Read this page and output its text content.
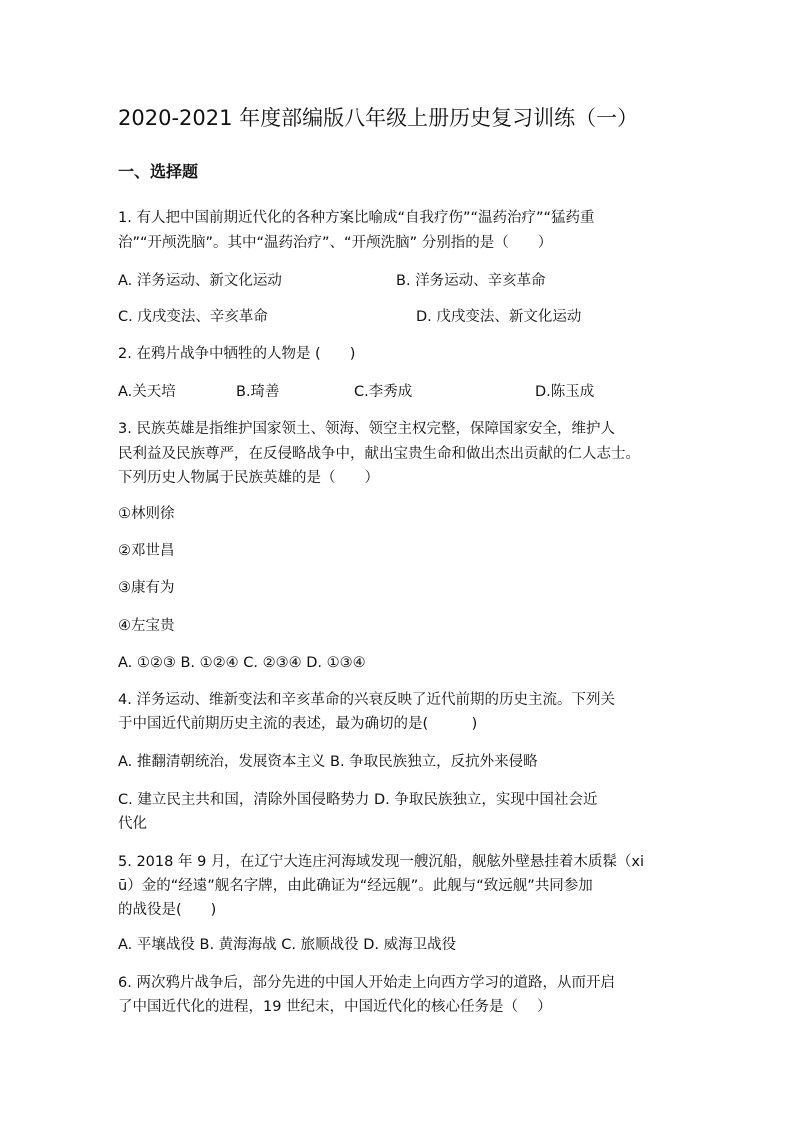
2020-2021 年度部编版八年级上册历史复习训练（一）
一、选择题
1. 有人把中国前期近代化的各种方案比喻成“自我疗伤”“温药治疗”“猛药重
治”“开颅洗脑”。其中“温药治疗”、“开颅洗脑” 分别指的是（　　）
A. 洋务运动、新文化运动	B. 洋务运动、辛亥革命
C. 戊戌变法、辛亥革命	D. 戊戌变法、新文化运动
2. 在鸦片战争中牺牲的人物是 (　　)
A.关天培	B.琦善	C.李秀成	D.陈玉成
3. 民族英雄是指维护国家领土、领海、领空主权完整，保障国家安全，维护人
民利益及民族尊严，在反侵略战争中，献出宝贵生命和做出杰出贡献的仁人志士。
下列历史人物属于民族英雄的是（　　）
①林则徐
②邓世昌
③康有为
④左宝贵
A. ①②③ B. ①②④ C. ②③④ D. ①③④
4. 洋务运动、维新变法和辛亥革命的兴衰反映了近代前期的历史主流。下列关
于中国近代前期历史主流的表述，最为确切的是(　　　)
A. 推翻清朝统治，发展资本主义 B. 争取民族独立，反抗外来侵略
C. 建立民主共和国，清除外国侵略势力 D. 争取民族独立，实现中国社会近
代化
5. 2018 年 9 月，在辽宁大连庄河海域发现一艘沉船，舰舷外壁悬挂着木质髹（xi
ū）金的“经遠”舰名字牌，由此确证为“经远舰”。此舰与“致远舰”共同参加
的战役是(　　)
A. 平壤战役 B. 黄海海战 C. 旅顺战役 D. 威海卫战役
6. 两次鸦片战争后，部分先进的中国人开始走上向西方学习的道路，从而开启
了中国近代化的进程，19 世纪末，中国近代化的核心任务是（　 ）
